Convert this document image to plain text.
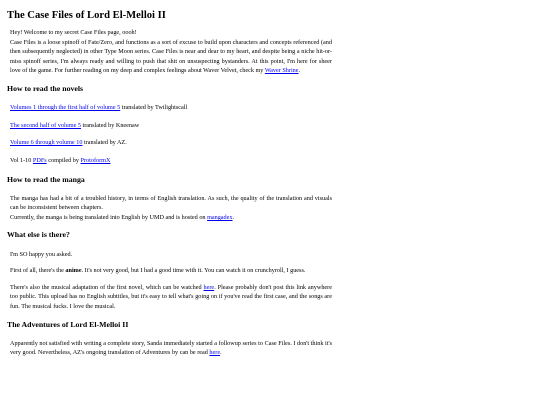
The Case Files of Lord El-Melloi II

Hey! Welcome to my secret Case Files page, oooh!

Case Files is a loose spinoff of Fate/Zero, and functions as a sort of excuse to build upon characters and concepts referenced (and then subsequently neglected) in other Type Moon series. Case Files is near and dear to my heart, and despite being a niche hit-or-miss spinoff series, I'm always ready and willing to push that shit on unsuspecting bystanders. At this point, I'm here for sheer love of the game. For further reading on my deep and complex feelings about Waver Velvet, check my Waver Shrine.

How to read the novels

Volumes 1 through the first half of volume 5 translated by Twilightscall

The second half of volume 5 translated by Kneenaw

Volume 6 through volume 10 translated by AZ.

Vol 1-10 PDFs compiled by ProtoformX

How to read the manga

The manga has had a bit of a troubled history, in terms of English translation. As such, the quality of the translation and visuals can be inconsistent between chapters.

Currently, the manga is being translated into English by UMD and is hosted on mangadex.

What else is there?

I'm SO happy you asked.

First of all, there's the anime. It's not very good, but I had a good time with it. You can watch it on crunchyroll, I guess.

There's also the musical adaptation of the first novel, which can be watched here. Please probably don't post this link anywhere too public. This upload has no English subtitles, but it's easy to tell what's going on if you've read the first case, and the songs are fun. The musical fucks. I love the musical.

The Adventures of Lord El-Melloi II

Apparently not satisfied with writing a complete story, Sanda immediately started a followup series to Case Files. I don't think it's very good. Nevertheless, AZ's ongoing translation of Adventures by can be read here.
